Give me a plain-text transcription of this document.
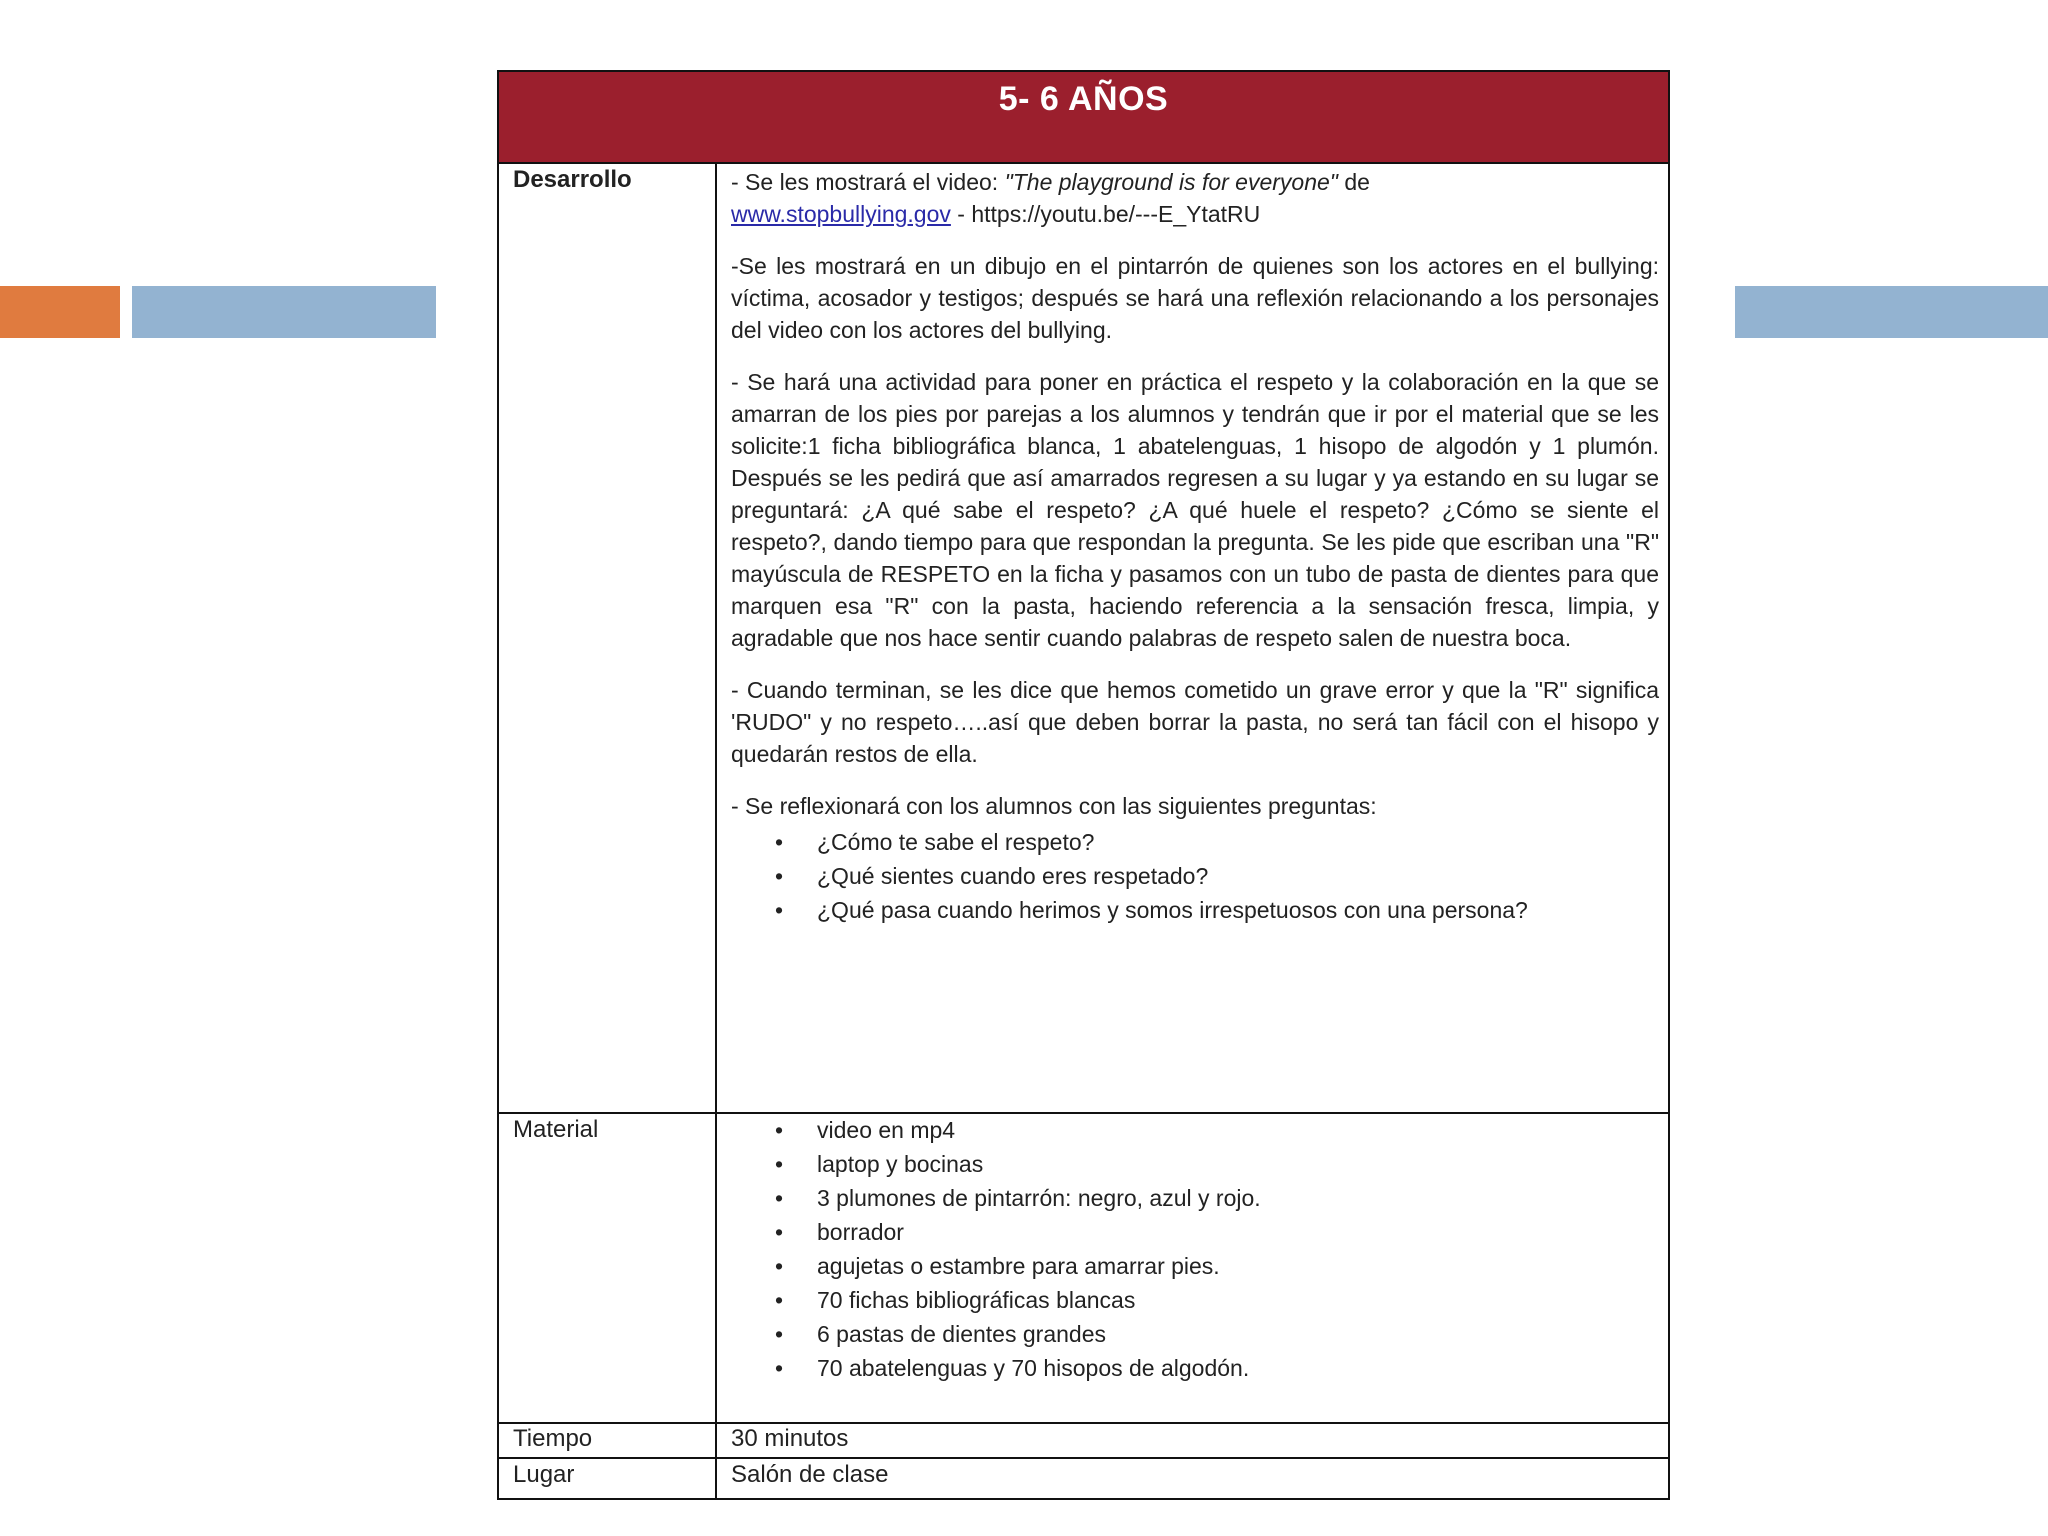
5- 6 AÑOS
Desarrollo	- Se les mostrará el video: "The playground is for everyone" de
www.stopbullying.gov - https://youtu.be/---E_YtatRU

-Se les mostrará en un dibujo en el pintarrón de quienes son los actores en el bullying: víctima, acosador y testigos; después se hará una reflexión relacionando a los personajes del video con los actores del bullying.

- Se hará una actividad para poner en práctica el respeto y la colaboración en la que se amarran de los pies por parejas a los alumnos y tendrán que ir por el material que se les solicite:1 ficha bibliográfica blanca, 1 abatelenguas, 1 hisopo de algodón y 1 plumón. Después se les pedirá que así amarrados regresen a su lugar y ya estando en su lugar se preguntará: ¿A qué sabe el respeto? ¿A qué huele el respeto? ¿Cómo se siente el respeto?, dando tiempo para que respondan la pregunta. Se les pide que escriban una "R" mayúscula de RESPETO en la ficha y pasamos con un tubo de pasta de dientes para que marquen esa "R" con la pasta, haciendo referencia a la sensación fresca, limpia, y agradable que nos hace sentir cuando palabras de respeto salen de nuestra boca.

- Cuando terminan, se les dice que hemos cometido un grave error y que la "R" significa 'RUDO" y no respeto…..así que deben borrar la pasta, no será tan fácil con el hisopo y quedarán restos de ella.

- Se reflexionará con los alumnos con las siguientes preguntas:

• ¿Cómo te sabe el respeto?
• ¿Qué sientes cuando eres respetado?
• ¿Qué pasa cuando herimos y somos irrespetuosos con una persona?
Material
•	video en mp4
• laptop y bocinas
• 3 plumones de pintarrón: negro, azul y rojo.
• borrador
• agujetas o estambre para amarrar pies.
• 70 fichas bibliográficas blancas
• 6 pastas de dientes grandes
• 70 abatelenguas y 70 hisopos de algodón.
Tiempo	30 minutos
Lugar	Salón de clase
